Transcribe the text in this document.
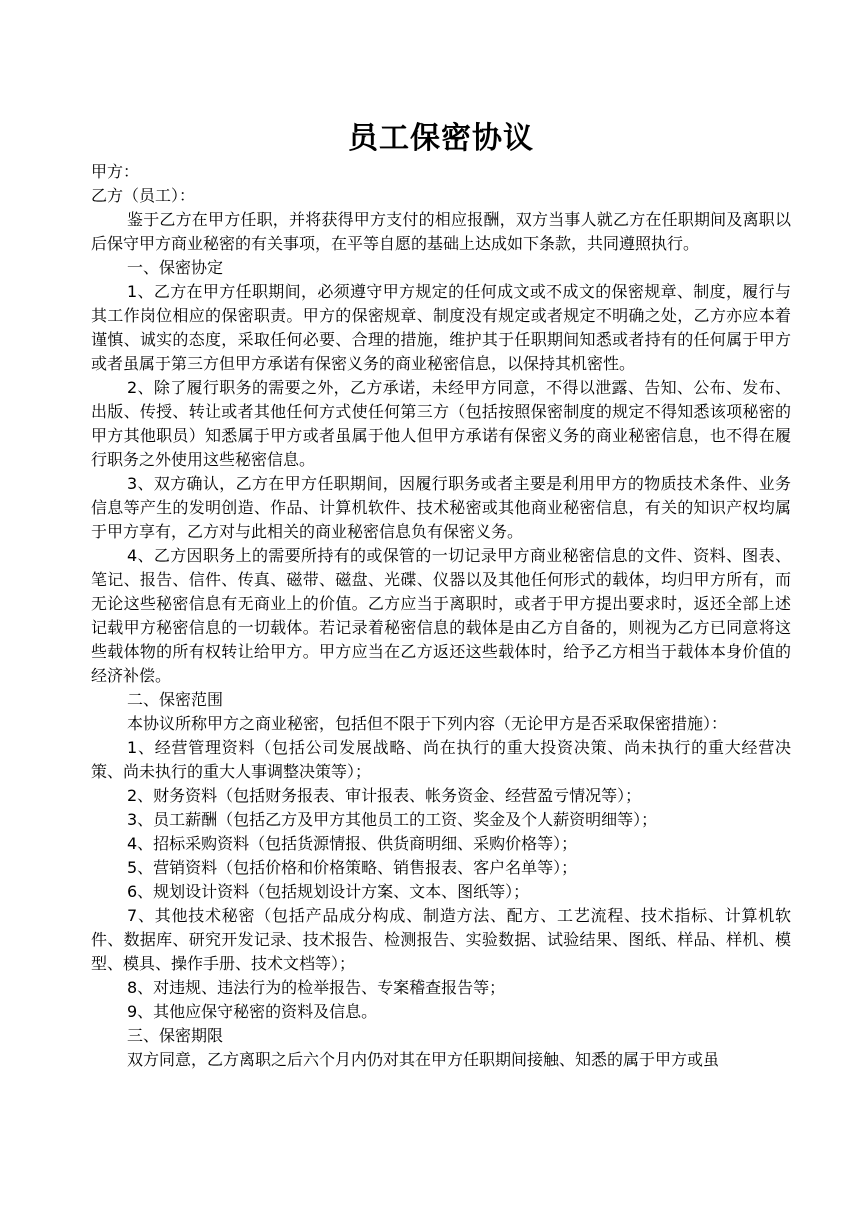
员工保密协议

甲方：

乙方（员工）：

鉴于乙方在甲方任职，并将获得甲方支付的相应报酬，双方当事人就乙方在任职期间及离职以后保守甲方商业秘密的有关事项，在平等自愿的基础上达成如下条款，共同遵照执行。

一、保密协定

1、乙方在甲方任职期间，必须遵守甲方规定的任何成文或不成文的保密规章、制度，履行与其工作岗位相应的保密职责。甲方的保密规章、制度没有规定或者规定不明确之处，乙方亦应本着谨慎、诚实的态度，采取任何必要、合理的措施，维护其于任职期间知悉或者持有的任何属于甲方或者虽属于第三方但甲方承诺有保密义务的商业秘密信息，以保持其机密性。

2、除了履行职务的需要之外，乙方承诺，未经甲方同意，不得以泄露、告知、公布、发布、出版、传授、转让或者其他任何方式使任何第三方（包括按照保密制度的规定不得知悉该项秘密的甲方其他职员）知悉属于甲方或者虽属于他人但甲方承诺有保密义务的商业秘密信息，也不得在履行职务之外使用这些秘密信息。

3、双方确认，乙方在甲方任职期间，因履行职务或者主要是利用甲方的物质技术条件、业务信息等产生的发明创造、作品、计算机软件、技术秘密或其他商业秘密信息，有关的知识产权均属于甲方享有，乙方对与此相关的商业秘密信息负有保密义务。

4、乙方因职务上的需要所持有的或保管的一切记录甲方商业秘密信息的文件、资料、图表、笔记、报告、信件、传真、磁带、磁盘、光碟、仪器以及其他任何形式的载体，均归甲方所有，而无论这些秘密信息有无商业上的价值。乙方应当于离职时，或者于甲方提出要求时，返还全部上述记载甲方秘密信息的一切载体。若记录着秘密信息的载体是由乙方自备的，则视为乙方已同意将这些载体物的所有权转让给甲方。甲方应当在乙方返还这些载体时，给予乙方相当于载体本身价值的经济补偿。

二、保密范围

本协议所称甲方之商业秘密，包括但不限于下列内容（无论甲方是否采取保密措施）：

1、经营管理资料（包括公司发展战略、尚在执行的重大投资决策、尚未执行的重大经营决策、尚未执行的重大人事调整决策等）；

2、财务资料（包括财务报表、审计报表、帐务资金、经营盈亏情况等）；

3、员工薪酬（包括乙方及甲方其他员工的工资、奖金及个人薪资明细等）；

4、招标采购资料（包括货源情报、供货商明细、采购价格等）；

5、营销资料（包括价格和价格策略、销售报表、客户名单等）；

6、规划设计资料（包括规划设计方案、文本、图纸等）；

7、其他技术秘密（包括产品成分构成、制造方法、配方、工艺流程、技术指标、计算机软件、数据库、研究开发记录、技术报告、检测报告、实验数据、试验结果、图纸、样品、样机、模型、模具、操作手册、技术文档等）；

8、对违规、违法行为的检举报告、专案稽查报告等；

9、其他应保守秘密的资料及信息。

三、保密期限

双方同意，乙方离职之后六个月内仍对其在甲方任职期间接触、知悉的属于甲方或虽
